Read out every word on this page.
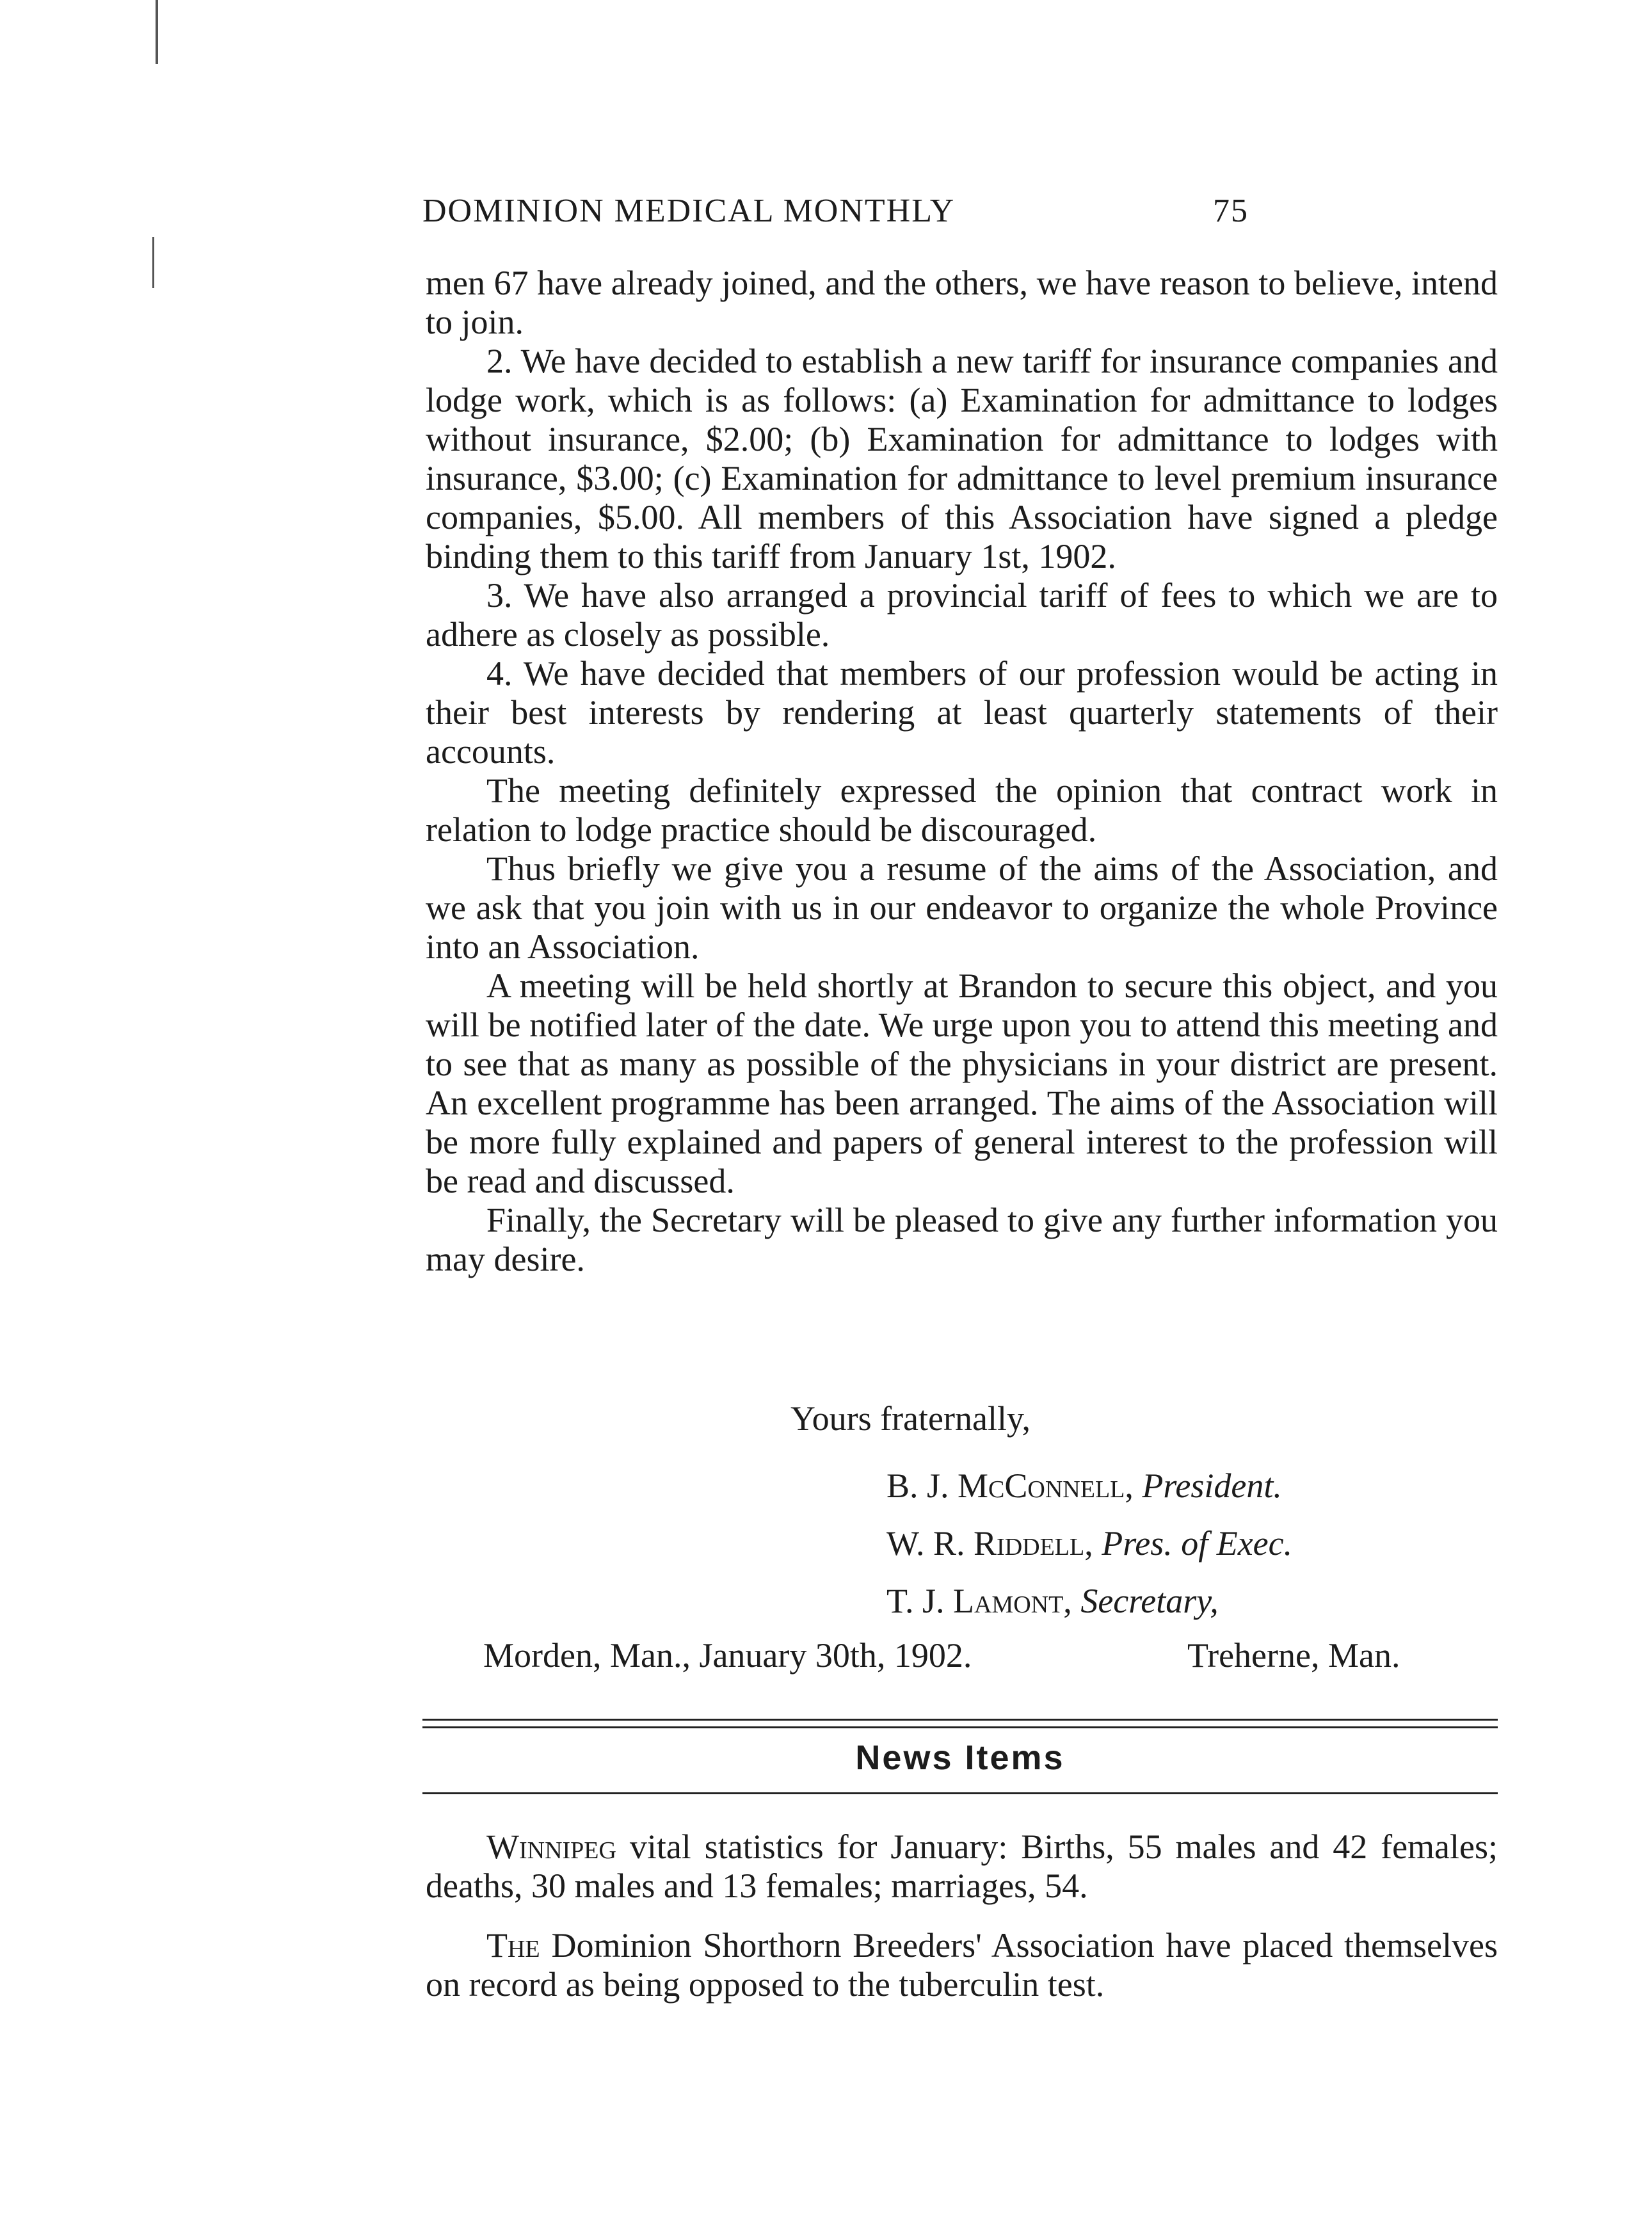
DOMINION MEDICAL MONTHLY	75

men 67 have already joined, and the others, we have reason to believe, intend to join.

2. We have decided to establish a new tariff for insurance companies and lodge work, which is as follows: (a) Examination for admittance to lodges without insurance, $2.00; (b) Examination for admittance to lodges with insurance, $3.00; (c) Examination for admittance to level premium insurance companies, $5.00. All members of this Association have signed a pledge binding them to this tariff from January 1st, 1902.

3. We have also arranged a provincial tariff of fees to which we are to adhere as closely as possible.

4. We have decided that members of our profession would be acting in their best interests by rendering at least quarterly statements of their accounts.

The meeting definitely expressed the opinion that contract work in relation to lodge practice should be discouraged.

Thus briefly we give you a resume of the aims of the Association, and we ask that you join with us in our endeavor to organize the whole Province into an Association.

A meeting will be held shortly at Brandon to secure this object, and you will be notified later of the date. We urge upon you to attend this meeting and to see that as many as possible of the physicians in your district are present. An excellent programme has been arranged. The aims of the Association will be more fully explained and papers of general interest to the profession will be read and discussed.

Finally, the Secretary will be pleased to give any further information you may desire.

Yours fraternally,
B. J. McConnell, President.
W. R. Riddell, Pres. of Exec.
T. J. Lamont, Secretary,
Morden, Man., January 30th, 1902.	Treherne, Man.
News Items

Winnipeg vital statistics for January: Births, 55 males and 42 females; deaths, 30 males and 13 females; marriages, 54.

The Dominion Shorthorn Breeders' Association have placed themselves on record as being opposed to the tuberculin test.
